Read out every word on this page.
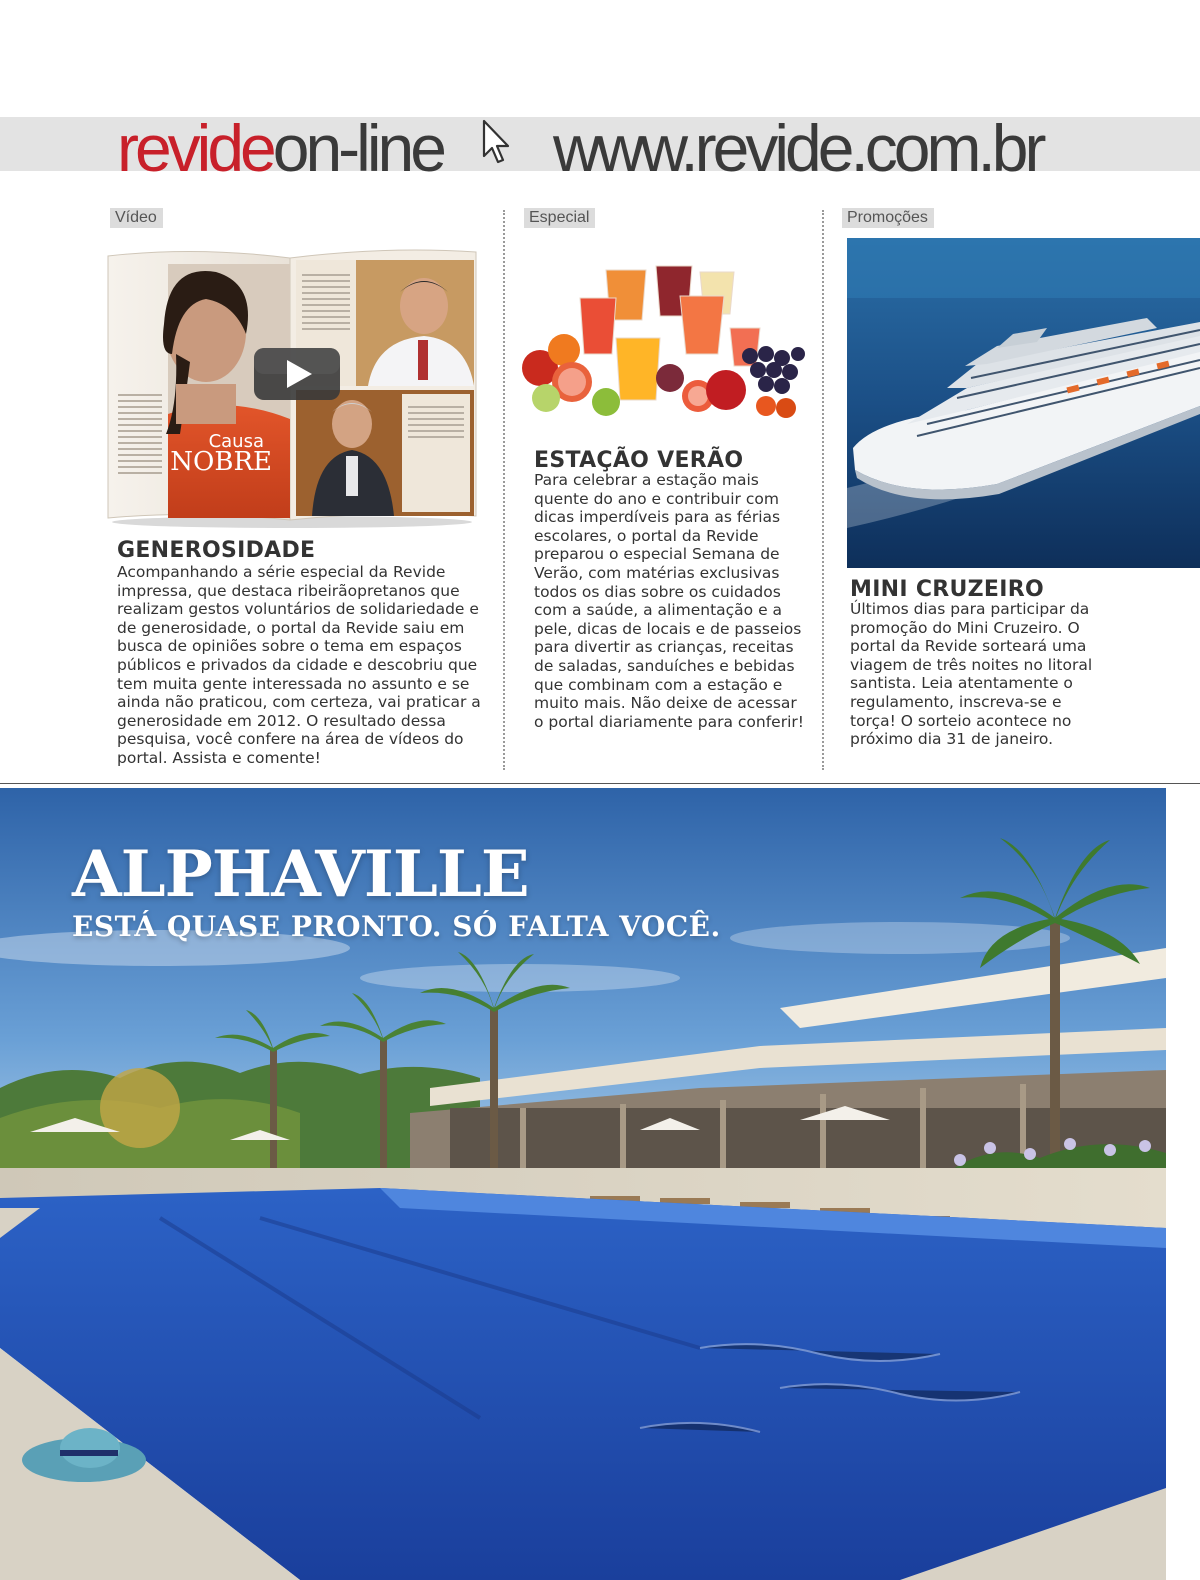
revideon-line www.revide.com.br
Vídeo
Causa
NOBRE
GENEROSIDADE
Acompanhando a série especial da Revide impressa, que destaca ribeirãopretanos que realizam gestos voluntários de solidariedade e de generosidade, o portal da Revide saiu em busca de opiniões sobre o tema em espaços públicos e privados da cidade e descobriu que tem muita gente interessada no assunto e se ainda não praticou, com certeza, vai praticar a generosidade em 2012. O resultado dessa pesquisa, você confere na área de vídeos do portal. Assista e comente!
Especial
ESTAÇÃO VERÃO
Para celebrar a estação mais quente do ano e contribuir com dicas imperdíveis para as férias escolares, o portal da Revide preparou o especial Semana de Verão, com matérias exclusivas todos os dias sobre os cuidados com a saúde, a alimentação e a pele, dicas de locais e de passeios para divertir as crianças, receitas de saladas, sanduíches e bebidas que combinam com a estação e muito mais. Não deixe de acessar o portal diariamente para conferir!
Promoções
MINI CRUZEIRO
Últimos dias para participar da promoção do Mini Cruzeiro. O portal da Revide sorteará uma viagem de três noites no litoral santista. Leia atentamente o regulamento, inscreva-se e torça! O sorteio acontece no próximo dia 31 de janeiro.
ALPHAVILLE
ESTÁ QUASE PRONTO. SÓ FALTA VOCÊ.
